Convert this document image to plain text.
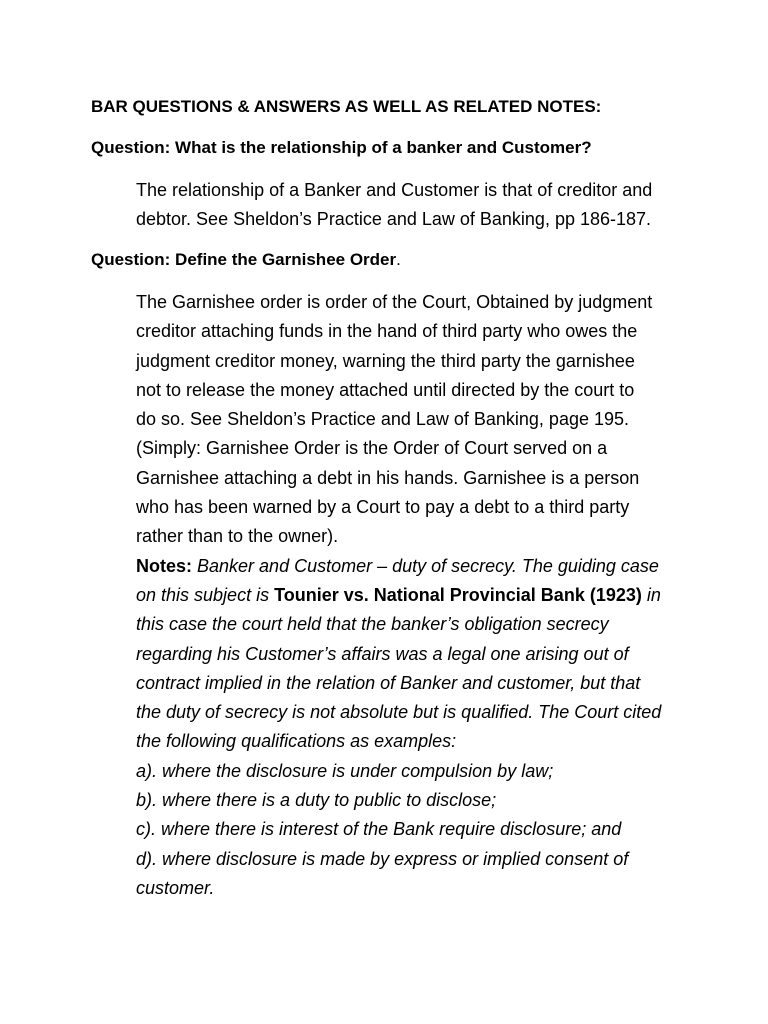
BAR QUESTIONS & ANSWERS AS WELL AS RELATED NOTES:
Question: What is the relationship of a banker and Customer?
The relationship of a Banker and Customer is that of creditor and
debtor. See Sheldon’s Practice and Law of Banking, pp 186-187.
Question: Define the Garnishee Order.
The Garnishee order is order of the Court, Obtained by judgment
creditor attaching funds in the hand of third party who owes the
judgment creditor money, warning the third party the garnishee
not to release the money attached until directed by the court to
do so. See Sheldon’s Practice and Law of Banking, page 195.
(Simply: Garnishee Order is the Order of Court served on a
Garnishee attaching a debt in his hands. Garnishee is a person
who has been warned by a Court to pay a debt to a third party
rather than to the owner).
Notes: Banker and Customer – duty of secrecy. The guiding case
on this subject is Tounier vs. National Provincial Bank (1923) in
this case the court held that the banker’s obligation secrecy
regarding his Customer’s affairs was a legal one arising out of
contract implied in the relation of Banker and customer, but that
the duty of secrecy is not absolute but is qualified. The Court cited
the following qualifications as examples:
a). where the disclosure is under compulsion by law;
b). where there is a duty to public to disclose;
c). where there is interest of the Bank require disclosure; and
d). where disclosure is made by express or implied consent of
customer.
